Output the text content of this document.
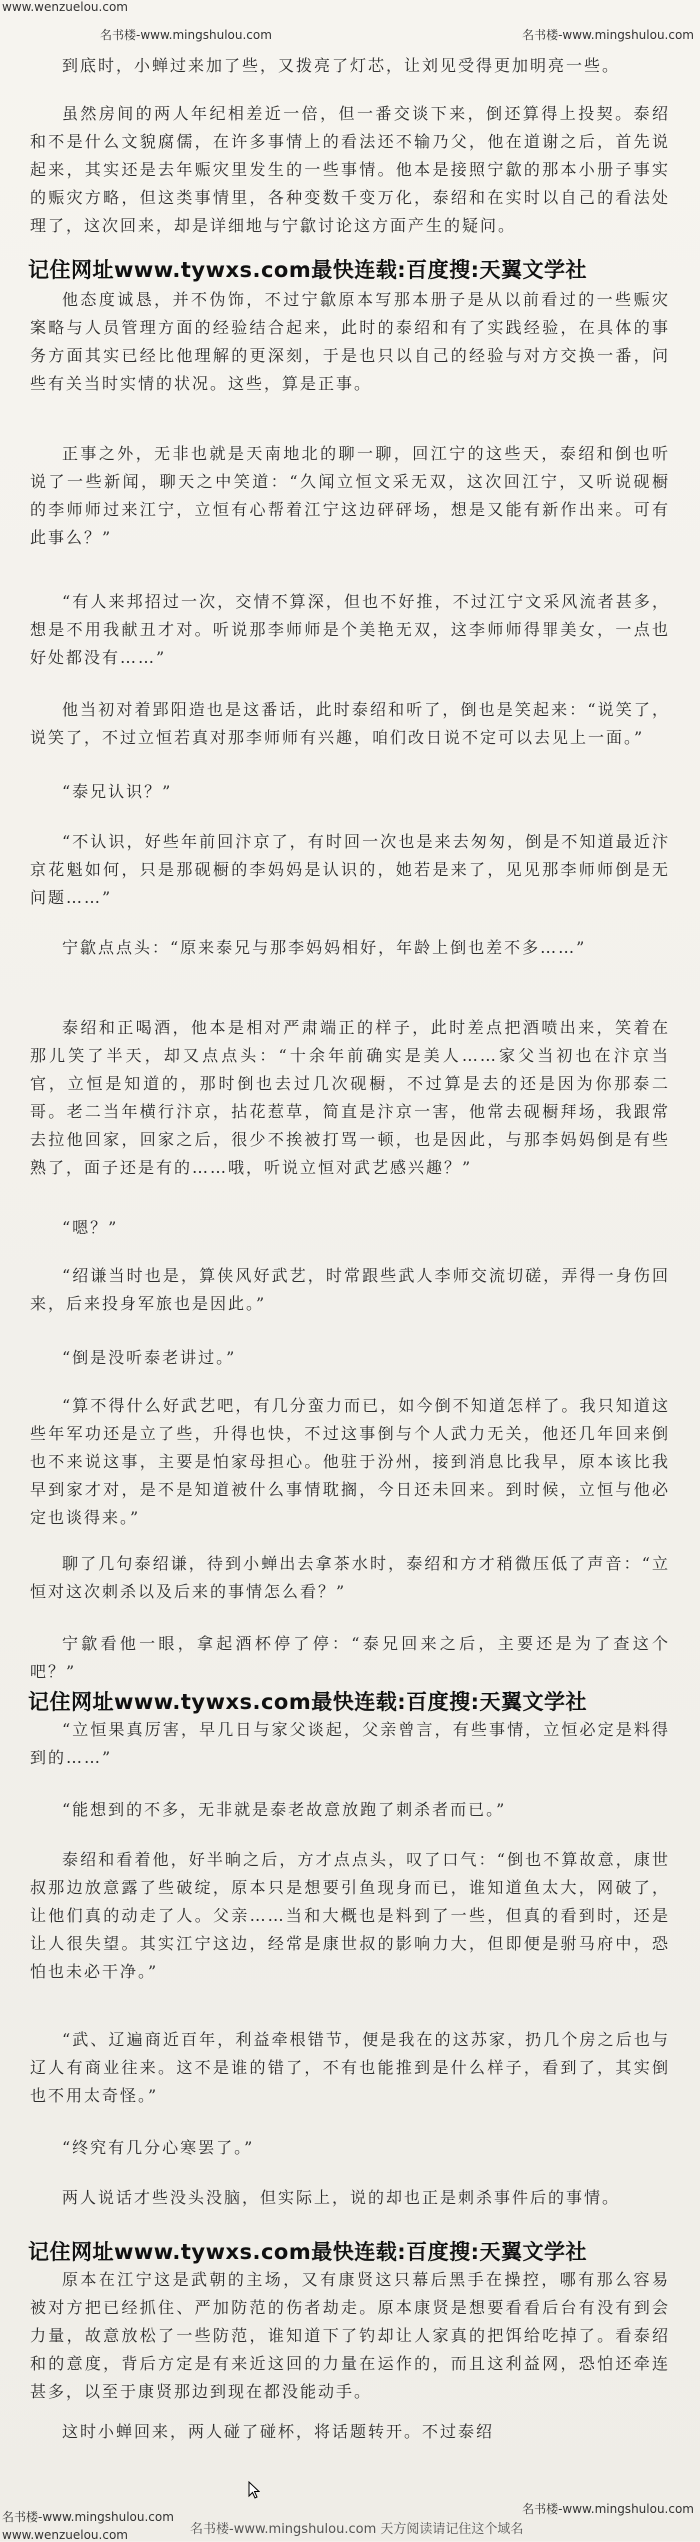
www.wenzuelou.com
名书楼-www.mingshulou.com	名书楼-www.mingshulou.com

到底时，小蝉过来加了些，又拨亮了灯芯，让刘见受得更加明亮一些。

虽然房间的两人年纪相差近一倍，但一番交谈下来，倒还算得上投契。泰绍和不是什么文貌腐儒，在许多事情上的看法还不输乃父，他在道谢之后，首先说起来，其实还是去年赈灾里发生的一些事情。他本是接照宁歙的那本小册子事实的赈灾方略，但这类事情里，各种变数千变万化，泰绍和在实时以自己的看法处理了，这次回来，却是详细地与宁歙讨论这方面产生的疑问。

记住网址www.tywxs.com最快连载:百度搜:天翼文学社

他态度诚恳，并不伪饰，不过宁歙原本写那本册子是从以前看过的一些赈灾案略与人员管理方面的经验结合起来，此时的泰绍和有了实践经验，在具体的事务方面其实已经比他理解的更深刻，于是也只以自己的经验与对方交换一番，问些有关当时实情的状况。这些，算是正事。

正事之外，无非也就是天南地北的聊一聊，回江宁的这些天，泰绍和倒也听说了一些新闻，聊天之中笑道：“久闻立恒文采无双，这次回江宁，又听说砚橱的李师师过来江宁，立恒有心帮着江宁这边砰砰场，想是又能有新作出来。可有此事么？”

“有人来邦招过一次，交情不算深，但也不好推，不过江宁文采风流者甚多，想是不用我献丑才对。听说那李师师是个美艳无双，这李师师得罪美女，一点也好处都没有……”

他当初对着郢阳造也是这番话，此时泰绍和听了，倒也是笑起来：“说笑了，说笑了，不过立恒若真对那李师师有兴趣，咱们改日说不定可以去见上一面。”

“泰兄认识？”

“不认识，好些年前回汴京了，有时回一次也是来去匆匆，倒是不知道最近汴京花魁如何，只是那砚橱的李妈妈是认识的，她若是来了，见见那李师师倒是无问题……”

宁歙点点头：“原来泰兄与那李妈妈相好，年龄上倒也差不多……”

泰绍和正喝酒，他本是相对严肃端正的样子，此时差点把酒喷出来，笑着在那儿笑了半天，却又点点头：“十余年前确实是美人……家父当初也在汴京当官，立恒是知道的，那时倒也去过几次砚橱，不过算是去的还是因为你那泰二哥。老二当年横行汴京，拈花惹草，简直是汴京一害，他常去砚橱拜场，我跟常去拉他回家，回家之后，很少不挨被打骂一顿，也是因此，与那李妈妈倒是有些熟了，面子还是有的……哦，听说立恒对武艺感兴趣？”

“嗯？”

“绍谦当时也是，算侠风好武艺，时常跟些武人李师交流切磋，弄得一身伤回来，后来投身军旅也是因此。”

“倒是没听泰老讲过。”

“算不得什么好武艺吧，有几分蛮力而已，如今倒不知道怎样了。我只知道这些年军功还是立了些，升得也快，不过这事倒与个人武力无关，他还几年回来倒也不来说这事，主要是怕家母担心。他驻于汾州，接到消息比我早，原本该比我早到家才对，是不是知道被什么事情耽搁，今日还未回来。到时候，立恒与他必定也谈得来。”

聊了几句泰绍谦，待到小蝉出去拿茶水时，泰绍和方才稍微压低了声音：“立恒对这次刺杀以及后来的事情怎么看？”

宁歙看他一眼，拿起酒杯停了停：“泰兄回来之后，主要还是为了查这个吧？”

记住网址www.tywxs.com最快连载:百度搜:天翼文学社

“立恒果真厉害，早几日与家父谈起，父亲曾言，有些事情，立恒必定是料得到的……”

“能想到的不多，无非就是泰老故意放跑了刺杀者而已。”

泰绍和看着他，好半晌之后，方才点点头，叹了口气：“倒也不算故意，康世叔那边放意露了些破绽，原本只是想要引鱼现身而已，谁知道鱼太大，网破了，让他们真的动走了人。父亲……当和大概也是料到了一些，但真的看到时，还是让人很失望。其实江宁这边，经常是康世叔的影响力大，但即便是驸马府中，恐怕也未必干净。”

“武、辽遍商近百年，利益牵根错节，便是我在的这苏家，扔几个房之后也与辽人有商业往来。这不是谁的错了，不有也能推到是什么样子，看到了，其实倒也不用太奇怪。”

“终究有几分心寒罢了。”

两人说话才些没头没脑，但实际上，说的却也正是刺杀事件后的事情。

记住网址www.tywxs.com最快连载:百度搜:天翼文学社

原本在江宁这是武朝的主场，又有康贤这只幕后黑手在操控，哪有那么容易被对方把已经抓住、严加防范的伤者劫走。原本康贤是想要看看后台有没有到会力量，故意放松了一些防范，谁知道下了钓却让人家真的把饵给吃掉了。看泰绍和的意度，背后方定是有来近这回的力量在运作的，而且这利益网，恐怕还牵连甚多，以至于康贤那边到现在都没能动手。

这时小蝉回来，两人碰了碰杯，将话题转开。不过泰绍

名书楼-www.mingshulou.com
名书楼-www.mingshulou.com
名书楼-www.mingshulou.com 天方阅读请记住这个域名
www.wenzuelou.com
